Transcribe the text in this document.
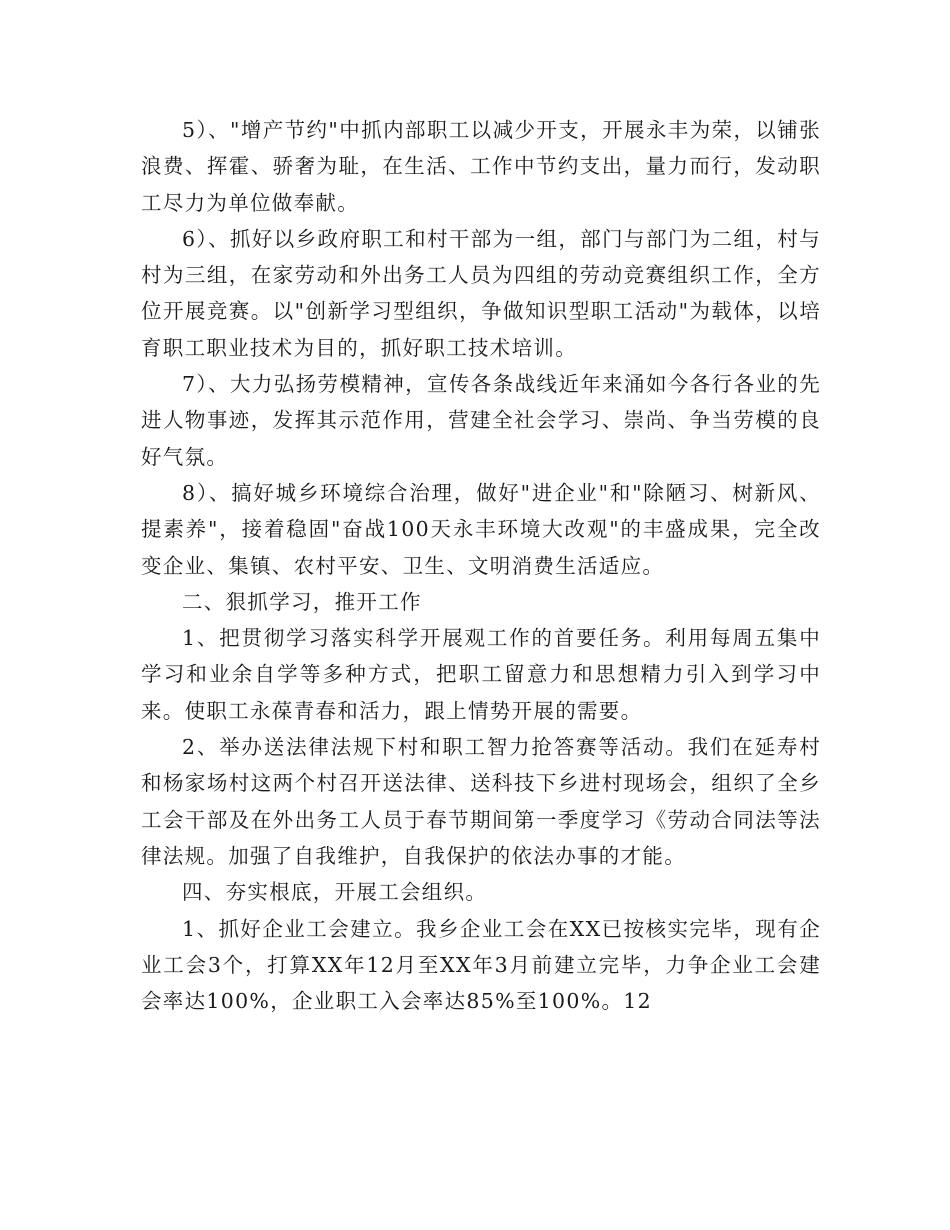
5）、"增产节约"中抓内部职工以减少开支，开展永丰为荣，以铺张浪费、挥霍、骄奢为耻，在生活、工作中节约支出，量力而行，发动职工尽力为单位做奉献。

6）、抓好以乡政府职工和村干部为一组，部门与部门为二组，村与村为三组，在家劳动和外出务工人员为四组的劳动竞赛组织工作，全方位开展竞赛。以"创新学习型组织，争做知识型职工活动"为载体，以培育职工职业技术为目的，抓好职工技术培训。

7）、大力弘扬劳模精神，宣传各条战线近年来涌如今各行各业的先进人物事迹，发挥其示范作用，营建全社会学习、崇尚、争当劳模的良好气氛。

8）、搞好城乡环境综合治理，做好"进企业"和"除陋习、树新风、提素养"，接着稳固"奋战100天永丰环境大改观"的丰盛成果，完全改变企业、集镇、农村平安、卫生、文明消费生活适应。

二、狠抓学习，推开工作

1、把贯彻学习落实科学开展观工作的首要任务。利用每周五集中学习和业余自学等多种方式，把职工留意力和思想精力引入到学习中来。使职工永葆青春和活力，跟上情势开展的需要。

2、举办送法律法规下村和职工智力抢答赛等活动。我们在延寿村和杨家场村这两个村召开送法律、送科技下乡进村现场会，组织了全乡工会干部及在外出务工人员于春节期间第一季度学习《劳动合同法等法律法规。加强了自我维护，自我保护的依法办事的才能。

四、夯实根底，开展工会组织。

1、抓好企业工会建立。我乡企业工会在XX已按核实完毕，现有企业工会3个，打算XX年12月至XX年3月前建立完毕，力争企业工会建会率达100%，企业职工入会率达85%至100%。12
